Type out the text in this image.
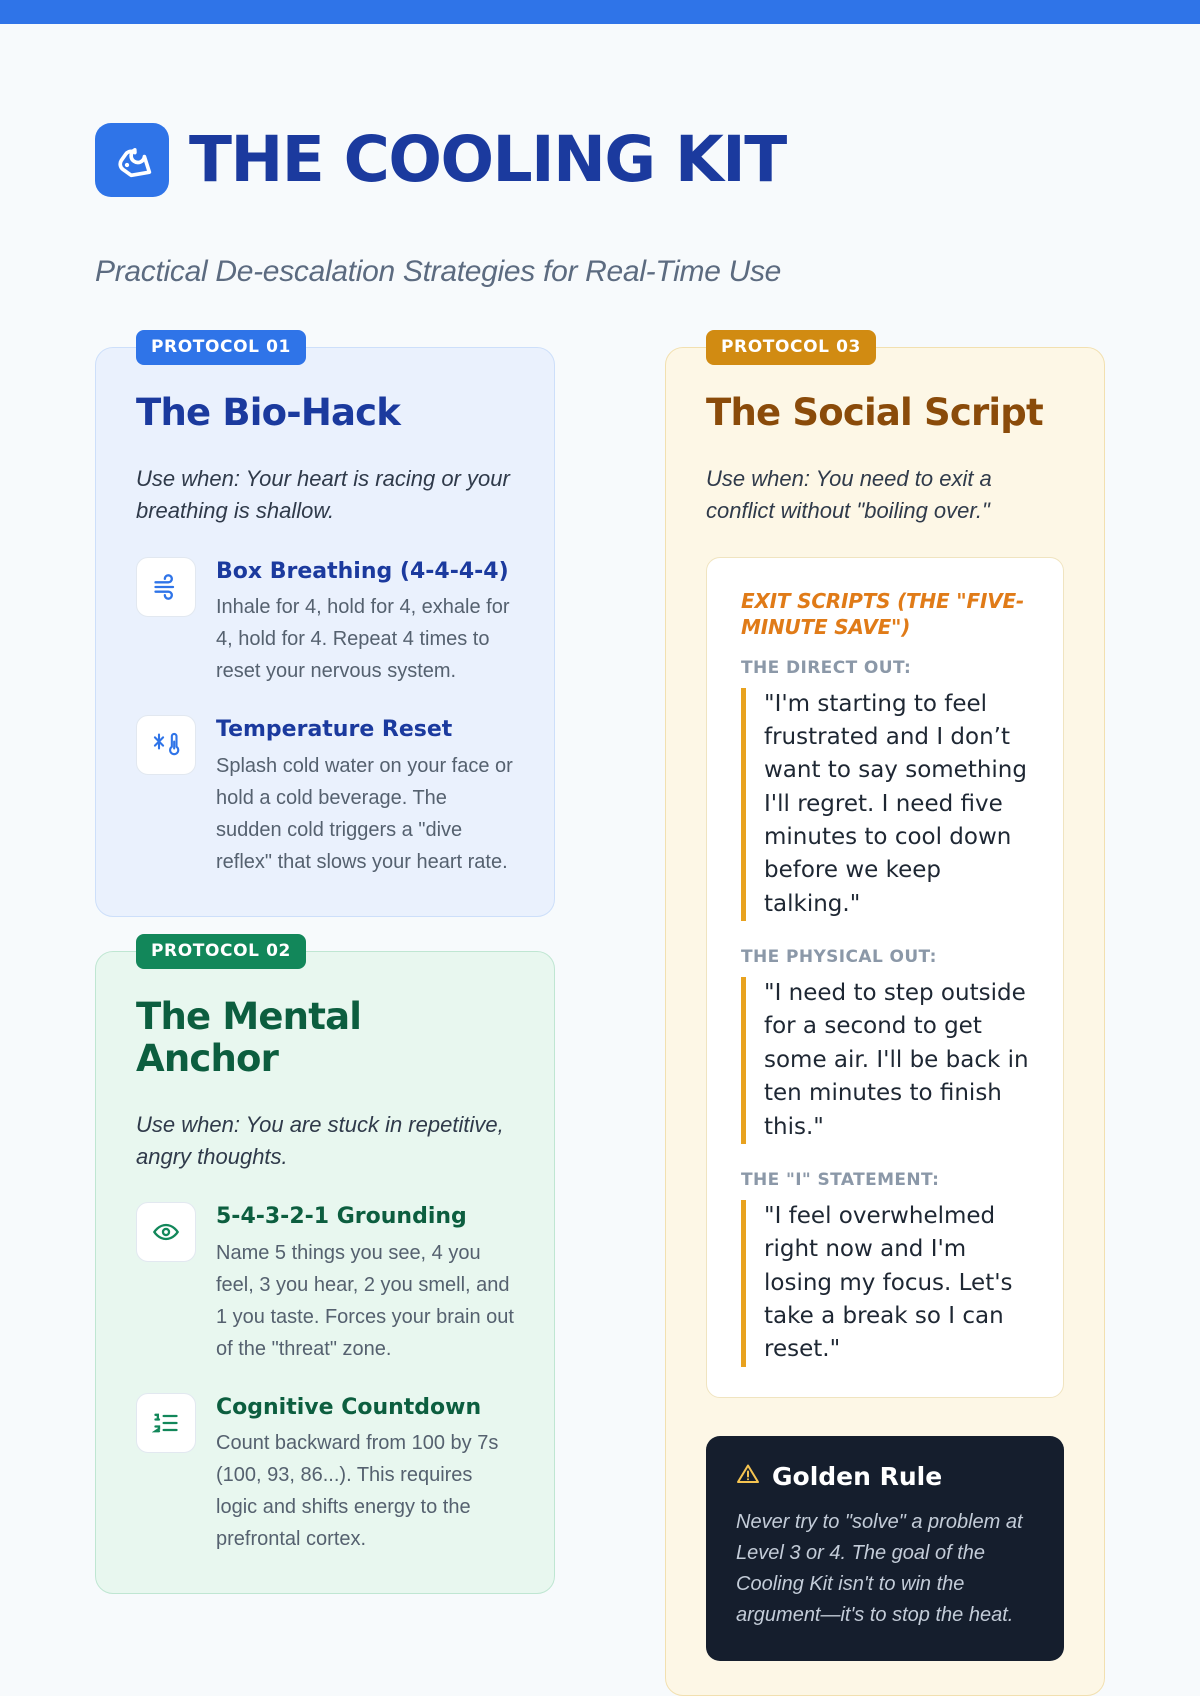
THE COOLING KIT
Practical De-escalation Strategies for Real-Time Use
PROTOCOL 01
The Bio-Hack
Use when: Your heart is racing or your breathing is shallow.
Box Breathing (4-4-4-4)
Inhale for 4, hold for 4, exhale for 4, hold for 4. Repeat 4 times to reset your nervous system.
Temperature Reset
Splash cold water on your face or hold a cold beverage. The sudden cold triggers a "dive reflex" that slows your heart rate.
PROTOCOL 02
The Mental Anchor
Use when: You are stuck in repetitive, angry thoughts.
5-4-3-2-1 Grounding
Name 5 things you see, 4 you feel, 3 you hear, 2 you smell, and 1 you taste. Forces your brain out of the "threat" zone.
Cognitive Countdown
Count backward from 100 by 7s (100, 93, 86...). This requires logic and shifts energy to the prefrontal cortex.
PROTOCOL 03
The Social Script
Use when: You need to exit a conflict without "boiling over."
EXIT SCRIPTS (THE "FIVE-MINUTE SAVE")
THE DIRECT OUT:
"I'm starting to feel frustrated and I don’t want to say something I'll regret. I need five minutes to cool down before we keep talking."
THE PHYSICAL OUT:
"I need to step outside for a second to get some air. I'll be back in ten minutes to finish this."
THE "I" STATEMENT:
"I feel overwhelmed right now and I'm losing my focus. Let's take a break so I can reset."
Golden Rule
Never try to "solve" a problem at Level 3 or 4. The goal of the Cooling Kit isn't to win the argument—it's to stop the heat.
